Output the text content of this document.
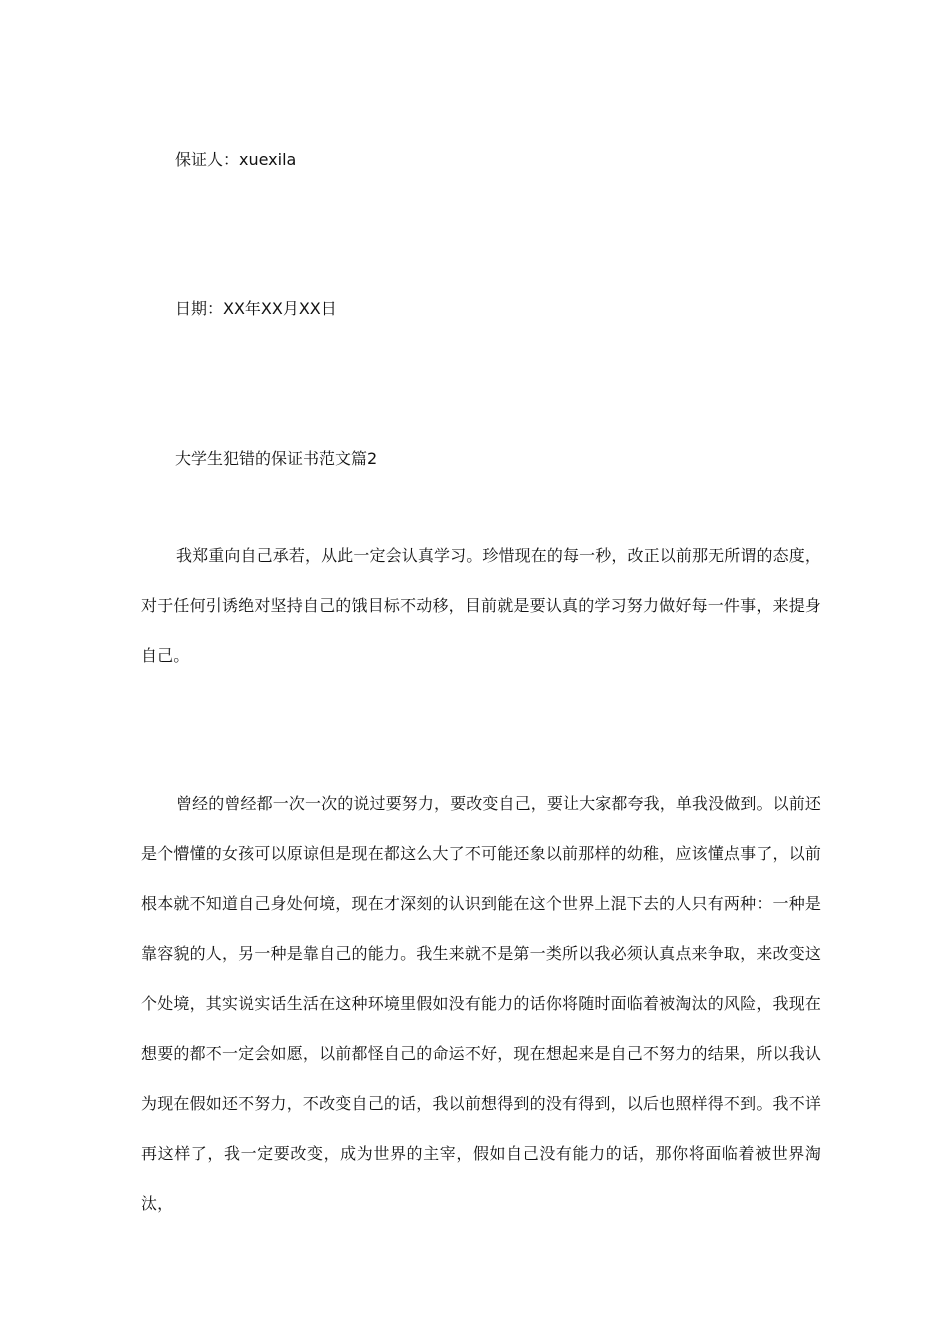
保证人：xuexila
日期：XX年XX月XX日
大学生犯错的保证书范文篇2
我郑重向自己承若，从此一定会认真学习。珍惜现在的每一秒，改正以前那无所谓的态度，对于任何引诱绝对坚持自己的饿目标不动移，目前就是要认真的学习努力做好每一件事，来提身自己。
曾经的曾经都一次一次的说过要努力，要改变自己，要让大家都夸我，单我没做到。以前还是个懵懂的女孩可以原谅但是现在都这么大了不可能还象以前那样的幼稚，应该懂点事了，以前根本就不知道自己身处何境，现在才深刻的认识到能在这个世界上混下去的人只有两种：一种是靠容貌的人，另一种是靠自己的能力。我生来就不是第一类所以我必须认真点来争取，来改变这个处境，其实说实话生活在这种环境里假如没有能力的话你将随时面临着被淘汰的风险，我现在想要的都不一定会如愿，以前都怪自己的命运不好，现在想起来是自己不努力的结果，所以我认为现在假如还不努力，不改变自己的话，我以前想得到的没有得到，以后也照样得不到。我不详再这样了，我一定要改变，成为世界的主宰，假如自己没有能力的话，那你将面临着被世界淘汰，
